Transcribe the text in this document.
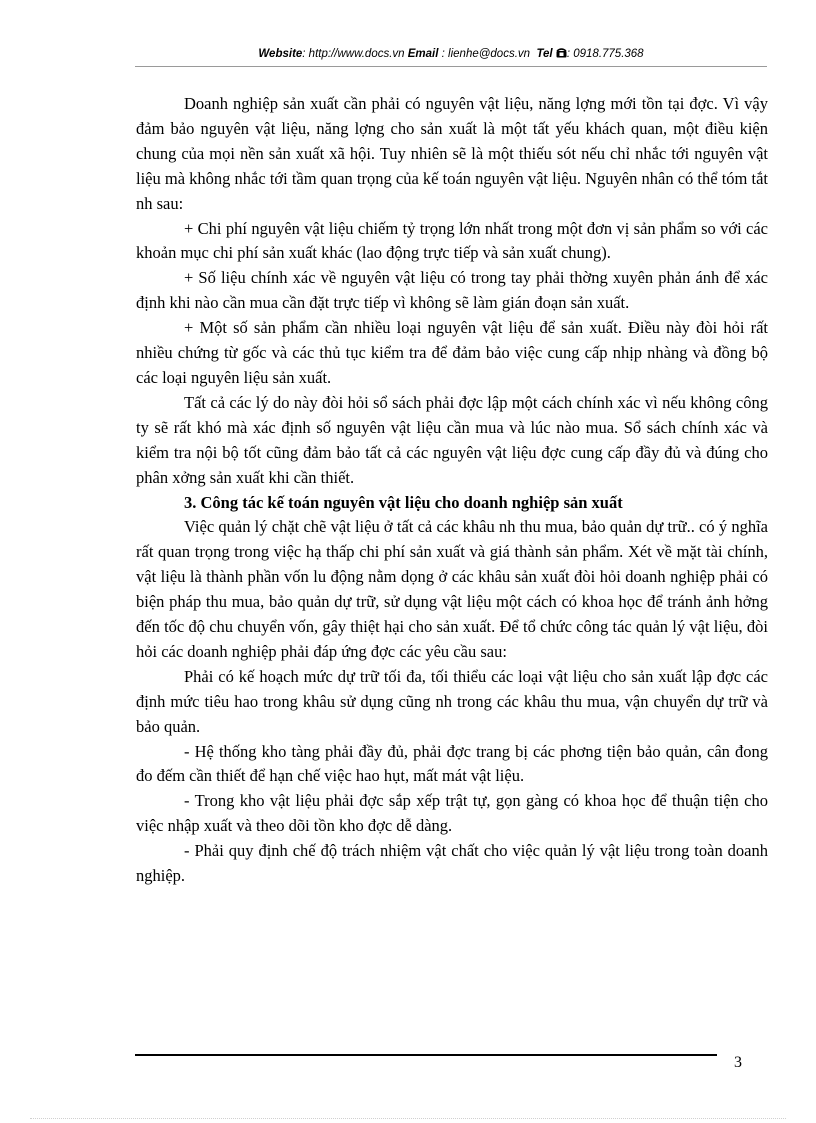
Website: http://www.docs.vn Email : lienhe@docs.vn Tel : 0918.775.368

Doanh nghiệp sản xuất cần phải có nguyên vật liệu, năng lợng mới tồn tại đợc. Vì vậy đảm bảo nguyên vật liệu, năng lợng cho sản xuất là một tất yếu khách quan, một điều kiện chung của mọi nền sản xuất xã hội. Tuy nhiên sẽ là một thiếu sót nếu chỉ nhắc tới nguyên vật liệu mà không nhắc tới tầm quan trọng của kế toán nguyên vật liệu. Nguyên nhân có thể tóm tắt nh sau:

+ Chi phí nguyên vật liệu chiếm tỷ trọng lớn nhất trong một đơn vị sản phẩm so với các khoản mục chi phí sản xuất khác (lao động trực tiếp và sản xuất chung).

+ Số liệu chính xác về nguyên vật liệu có trong tay phải thờng xuyên phản ánh để xác định khi nào cần mua cần đặt trực tiếp vì không sẽ làm gián đoạn sản xuất.

+ Một số sản phẩm cần nhiều loại nguyên vật liệu để sản xuất. Điều này đòi hỏi rất nhiều chứng từ gốc và các thủ tục kiểm tra để đảm bảo việc cung cấp nhịp nhàng và đồng bộ các loại nguyên liệu sản xuất.

Tất cả các lý do này đòi hỏi sổ sách phải đợc lập một cách chính xác vì nếu không công ty sẽ rất khó mà xác định số nguyên vật liệu cần mua và lúc nào mua. Sổ sách chính xác và kiểm tra nội bộ tốt cũng đảm bảo tất cả các nguyên vật liệu đợc cung cấp đầy đủ và đúng cho phân xởng sản xuất khi cần thiết.

3. Công tác kế toán nguyên vật liệu cho doanh nghiệp sản xuất

Việc quản lý chặt chẽ vật liệu ở tất cả các khâu nh thu mua, bảo quản dự trữ.. có ý nghĩa rất quan trọng trong việc hạ thấp chi phí sản xuất và giá thành sản phẩm. Xét về mặt tài chính, vật liệu là thành phần vốn lu động nằm dọng ở các khâu sản xuất đòi hỏi doanh nghiệp phải có biện pháp thu mua, bảo quản dự trữ, sử dụng vật liệu một cách có khoa học để tránh ảnh hởng đến tốc độ chu chuyển vốn, gây thiệt hại cho sản xuất. Để tổ chức công tác quản lý vật liệu, đòi hỏi các doanh nghiệp phải đáp ứng đợc các yêu cầu sau:

Phải có kế hoạch mức dự trữ tối đa, tối thiểu các loại vật liệu cho sản xuất lập đợc các định mức tiêu hao trong khâu sử dụng cũng nh trong các khâu thu mua, vận chuyển dự trữ và bảo quản.

- Hệ thống kho tàng phải đầy đủ, phải đợc trang bị các phơng tiện bảo quản, cân đong đo đếm cần thiết để hạn chế việc hao hụt, mất mát vật liệu.

- Trong kho vật liệu phải đợc sắp xếp trật tự, gọn gàng có khoa học để thuận tiện cho việc nhập xuất và theo dõi tồn kho đợc dễ dàng.

- Phải quy định chế độ trách nhiệm vật chất cho việc quản lý vật liệu trong toàn doanh nghiệp.

3
